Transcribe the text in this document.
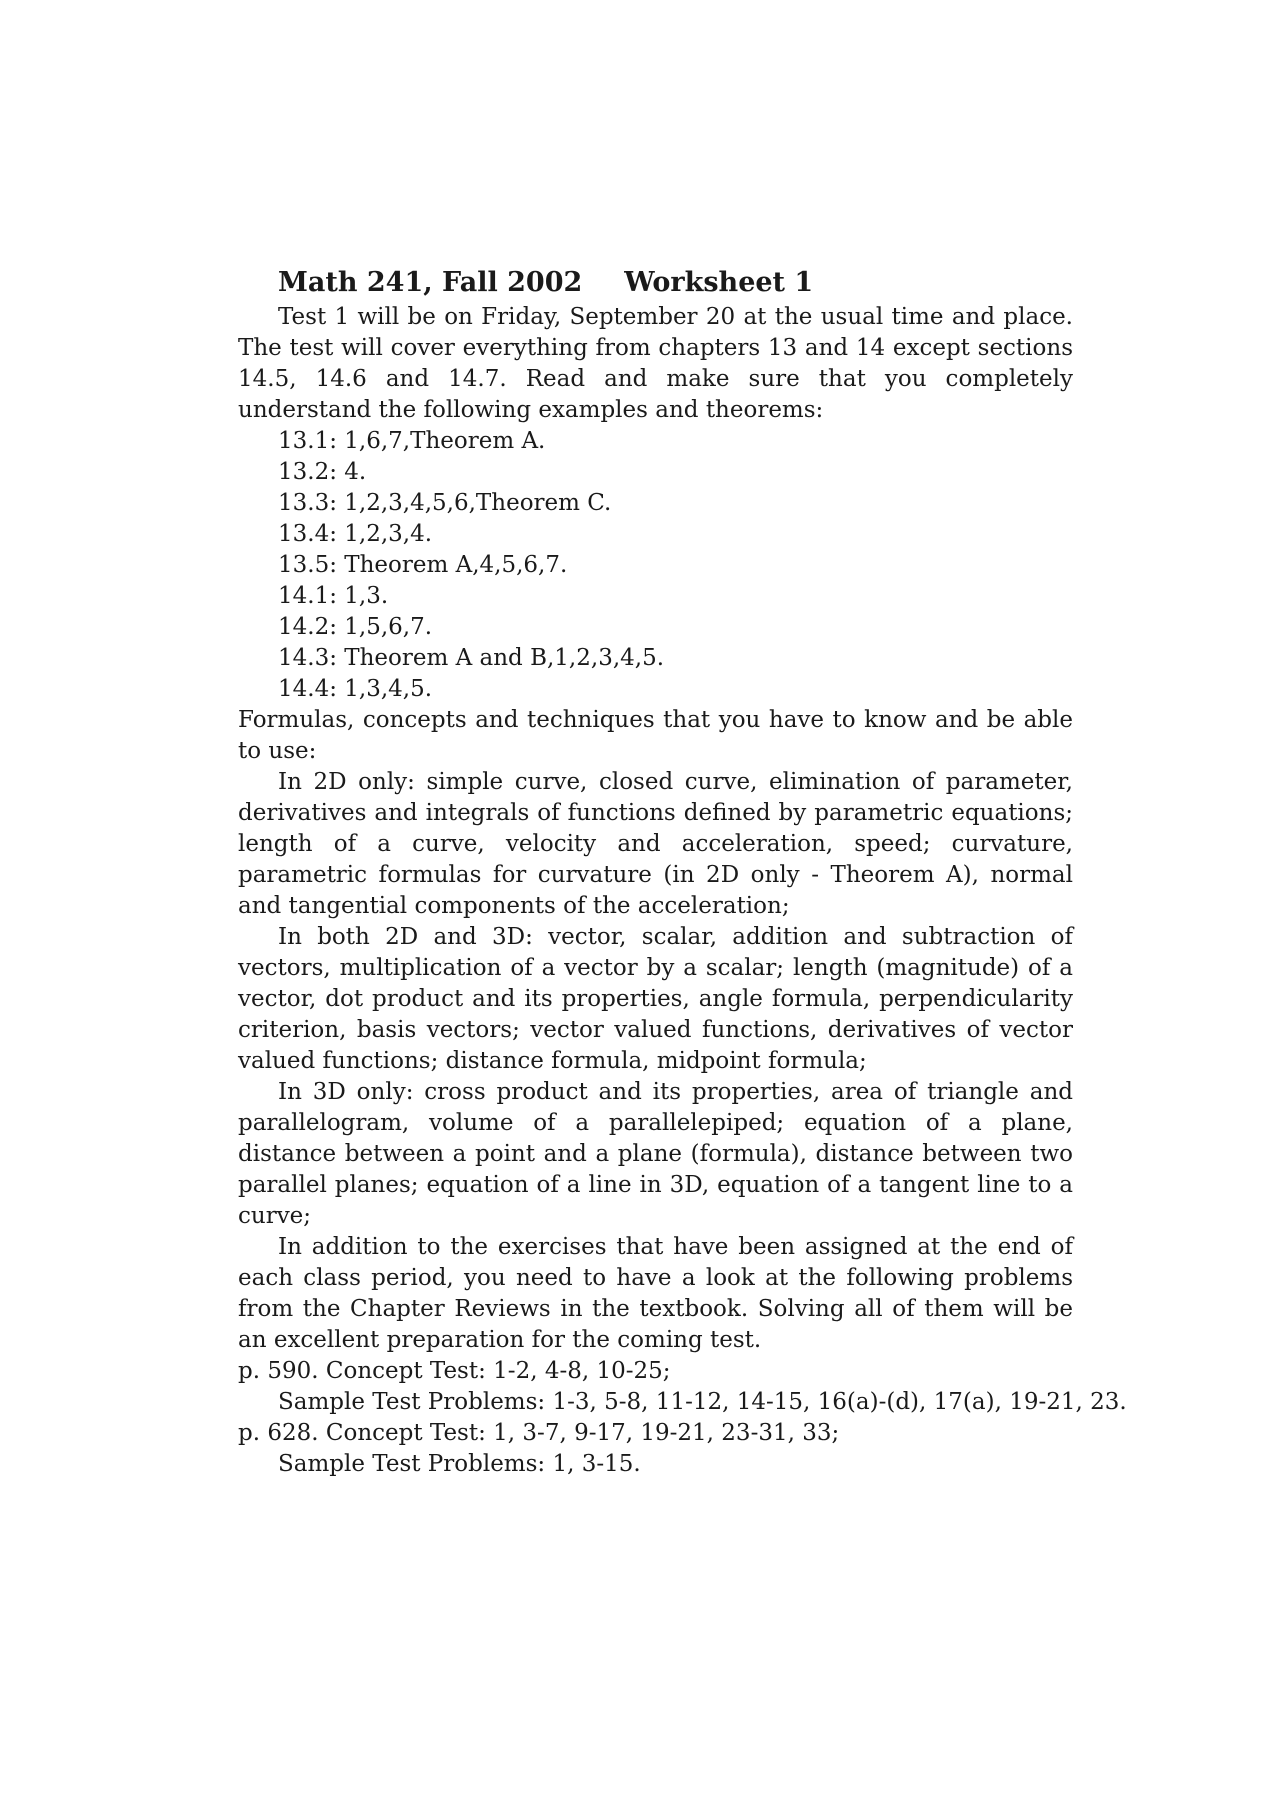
Math 241, Fall 2002 Worksheet 1

Test 1 will be on Friday, September 20 at the usual time and place. The test will cover everything from chapters 13 and 14 except sections 14.5, 14.6 and 14.7. Read and make sure that you completely understand the following examples and theorems:

13.1: 1,6,7,Theorem A.
13.2: 4.
13.3: 1,2,3,4,5,6,Theorem C.
13.4: 1,2,3,4.
13.5: Theorem A,4,5,6,7.
14.1: 1,3.
14.2: 1,5,6,7.
14.3: Theorem A and B,1,2,3,4,5.
14.4: 1,3,4,5.

Formulas, concepts and techniques that you have to know and be able to use:

In 2D only: simple curve, closed curve, elimination of parameter, derivatives and integrals of functions defined by parametric equations; length of a curve, velocity and acceleration, speed; curvature, parametric formulas for curvature (in 2D only - Theorem A), normal and tangential components of the acceleration;

In both 2D and 3D: vector, scalar, addition and subtraction of vectors, multiplication of a vector by a scalar; length (magnitude) of a vector, dot product and its properties, angle formula, perpendicularity criterion, basis vectors; vector valued functions, derivatives of vector valued functions; distance formula, midpoint formula;

In 3D only: cross product and its properties, area of triangle and parallelogram, volume of a parallelepiped; equation of a plane, distance between a point and a plane (formula), distance between two parallel planes; equation of a line in 3D, equation of a tangent line to a curve;

In addition to the exercises that have been assigned at the end of each class period, you need to have a look at the following problems from the Chapter Reviews in the textbook. Solving all of them will be an excellent preparation for the coming test.

p. 590. Concept Test: 1-2, 4-8, 10-25;
Sample Test Problems: 1-3, 5-8, 11-12, 14-15, 16(a)-(d), 17(a), 19-21, 23.
p. 628. Concept Test: 1, 3-7, 9-17, 19-21, 23-31, 33;
Sample Test Problems: 1, 3-15.
